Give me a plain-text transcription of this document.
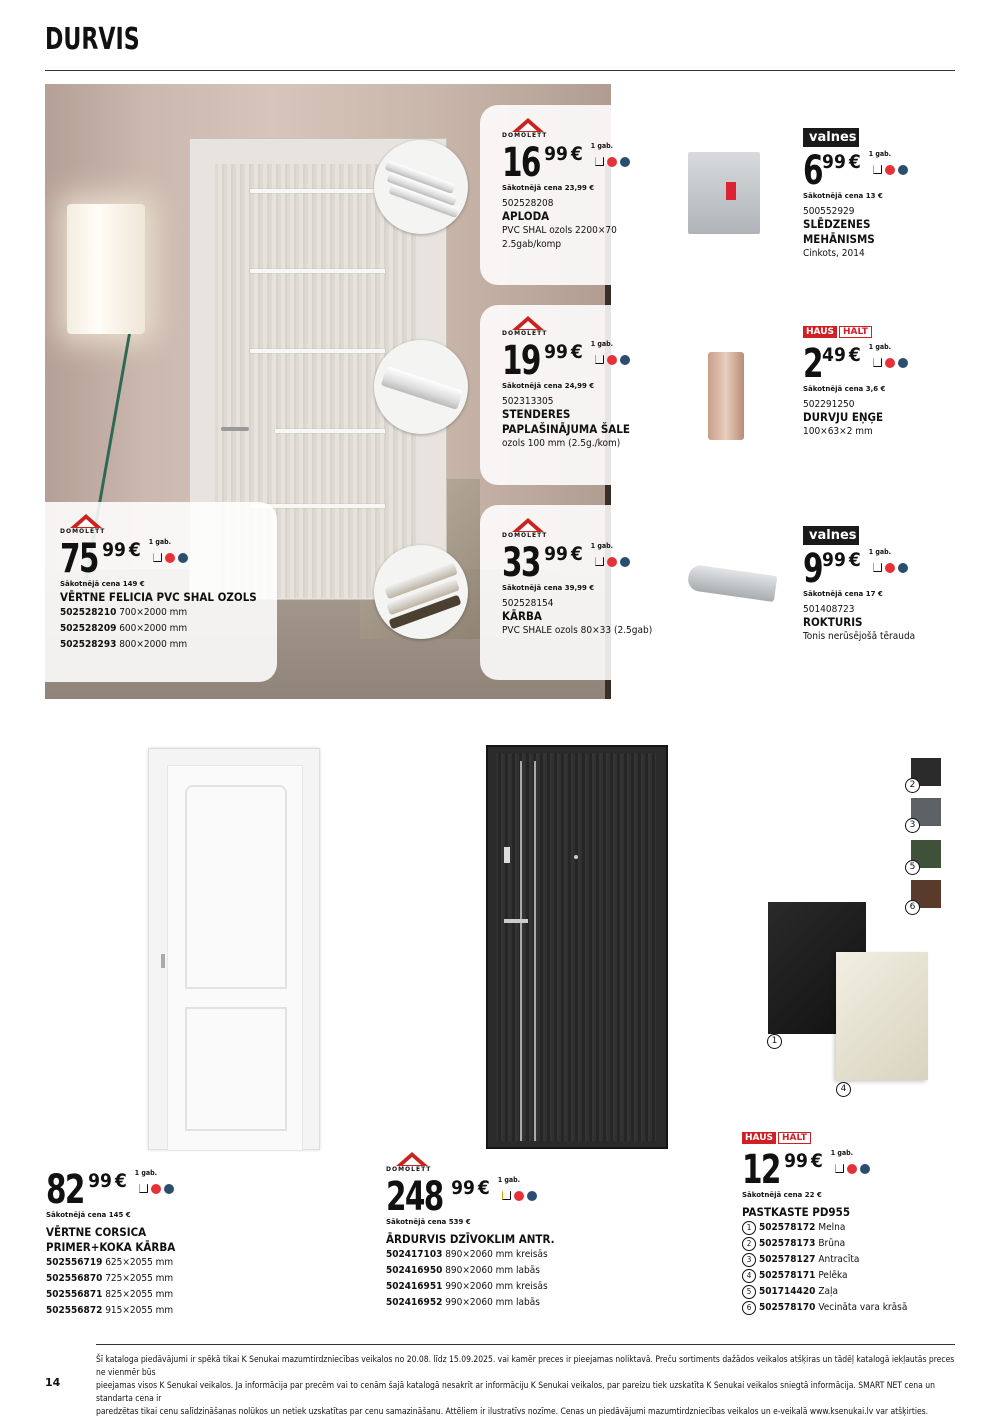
DURVIS
DOMOLETT
16 99 € 1 gab.
Sākotnējā cena 23,99 €
502528208
APLODA
PVC SHAL ozols 2200×70
2.5gab/komp
DOMOLETT
19 99 € 1 gab.
Sākotnējā cena 24,99 €
502313305
STENDERES
PAPLAŠINĀJUMA ŠALE
ozols 100 mm (2.5g./kom)
DOMOLETT
33 99 € 1 gab.
Sākotnējā cena 39,99 €
502528154
KĀRBA
PVC SHALE ozols 80×33 (2.5gab)
DOMOLETT
75 99 € 1 gab.
Sākotnējā cena 149 €
VĒRTNE FELICIA PVC SHAL OZOLS
502528210 700×2000 mm
502528209 600×2000 mm
502528293 800×2000 mm
valnes
6 99 € 1 gab.
Sākotnējā cena 13 €
500552929
SLĒDZENES
MEHĀNISMS
Cinkots, 2014
HAUS	HALT
2 49 € 1 gab.
Sākotnējā cena 3,6 €
502291250
DURVJU EŅĢE
100×63×2 mm
valnes
9 99 € 1 gab.
Sākotnējā cena 17 €
501408723
ROKTURIS
Tonis nerūsējošā tērauda
2
3
5
6
1
4
82 99 € 1 gab.
Sākotnējā cena 145 €
VĒRTNE CORSICA
PRIMER+KOKA KĀRBA
502556719 625×2055 mm
502556870 725×2055 mm
502556871 825×2055 mm
502556872 915×2055 mm
DOMOLETT
248 99 € 1 gab.
Sākotnējā cena 539 €
ĀRDURVIS DZĪVOKLIM ANTR.
502417103 890×2060 mm kreisās
502416950 890×2060 mm labās
502416951 990×2060 mm kreisās
502416952 990×2060 mm labās
HAUS	HALT
12 99 € 1 gab.
Sākotnējā cena 22 €
PASTKASTE PD955
1 502578172 Melna
2 502578173 Brūna
3 502578127 Antracīta
4 502578171 Pelēka
5 501714420 Zaļa
6 502578170 Vecināta vara krāsā
14
Šī kataloga piedāvājumi ir spēkā tikai K Senukai mazumtirdzniecības veikalos no 20.08. līdz 15.09.2025. vai kamēr preces ir pieejamas noliktavā. Preču sortiments dažādos veikalos atšķiras un tādēļ katalogā iekļautās preces ne vienmēr būs
pieejamas visos K Senukai veikalos. Ja informācija par precēm vai to cenām šajā katalogā nesakrīt ar informāciju K Senukai veikalos, par pareizu tiek uzskatīta K Senukai veikalos sniegtā informācija. SMART NET cena un standarta cena ir
paredzētas tikai cenu salīdzināšanas nolūkos un netiek uzskatītas par cenu samazināšanu. Attēliem ir ilustratīvs nozīme. Cenas un piedāvājumi mazumtirdzniecības veikalos un e-veikalā www.ksenukai.lv var atšķirties.
